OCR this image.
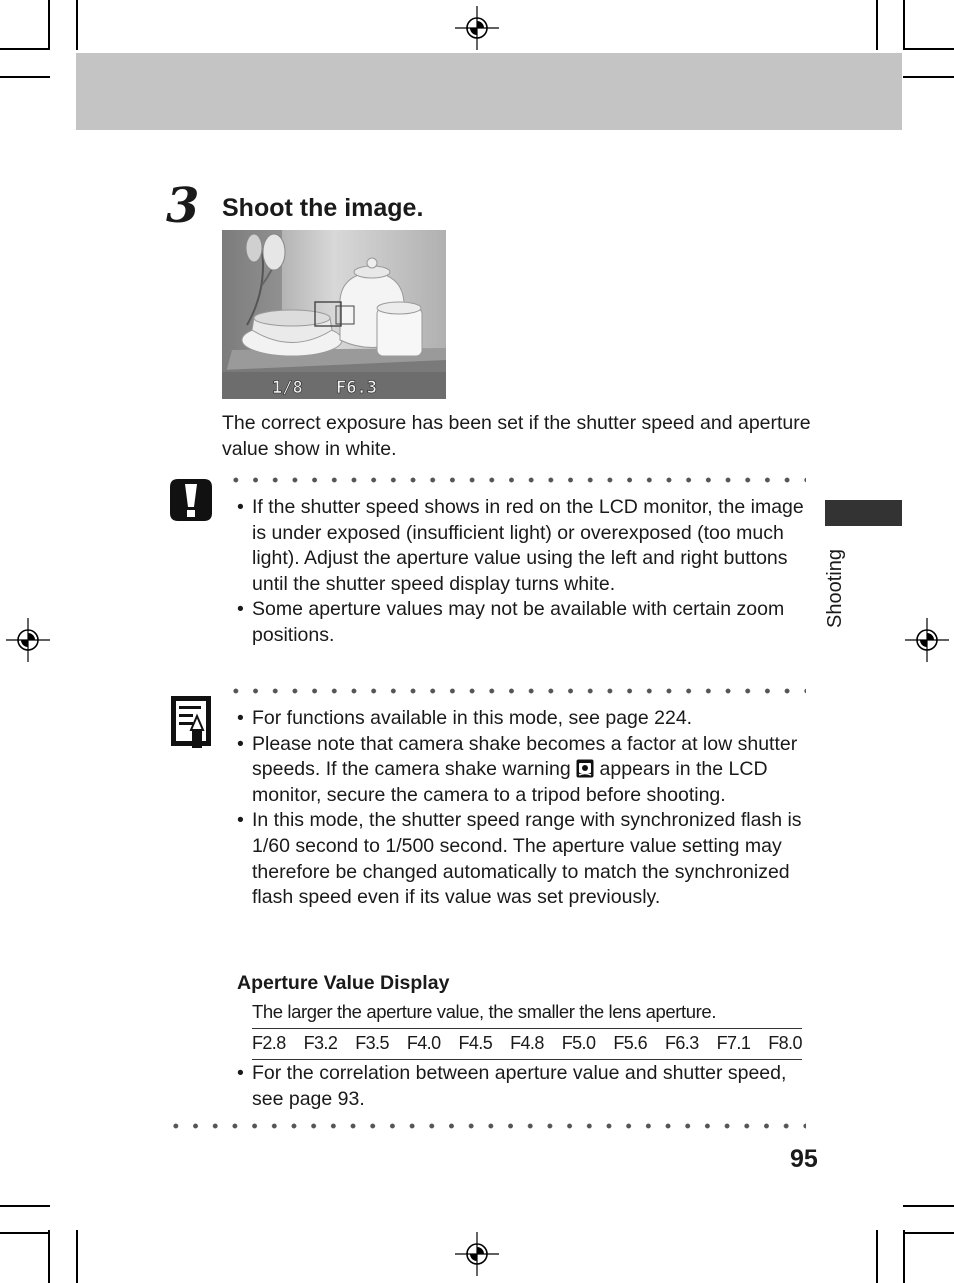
3 Shoot the image.
1/8 F6.3
The correct exposure has been set if the shutter speed and aperture value show in white.
• If the shutter speed shows in red on the LCD monitor, the image is under exposed (insufficient light) or overexposed (too much light). Adjust the aperture value using the left and right buttons until the shutter speed display turns white.
• Some aperture values may not be available with certain zoom positions.
• For functions available in this mode, see page 224.
• Please note that camera shake becomes a factor at low shutter speeds. If the camera shake warning appears in the LCD monitor, secure the camera to a tripod before shooting.
• In this mode, the shutter speed range with synchronized flash is 1/60 second to 1/500 second. The aperture value setting may therefore be changed automatically to match the synchronized flash speed even if its value was set previously.
Aperture Value Display
The larger the aperture value, the smaller the lens aperture.
F2.8 F3.2 F3.5 F4.0 F4.5 F4.8 F5.0 F5.6 F6.3 F7.1 F8.0
• For the correlation between aperture value and shutter speed, see page 93.
Shooting
95
